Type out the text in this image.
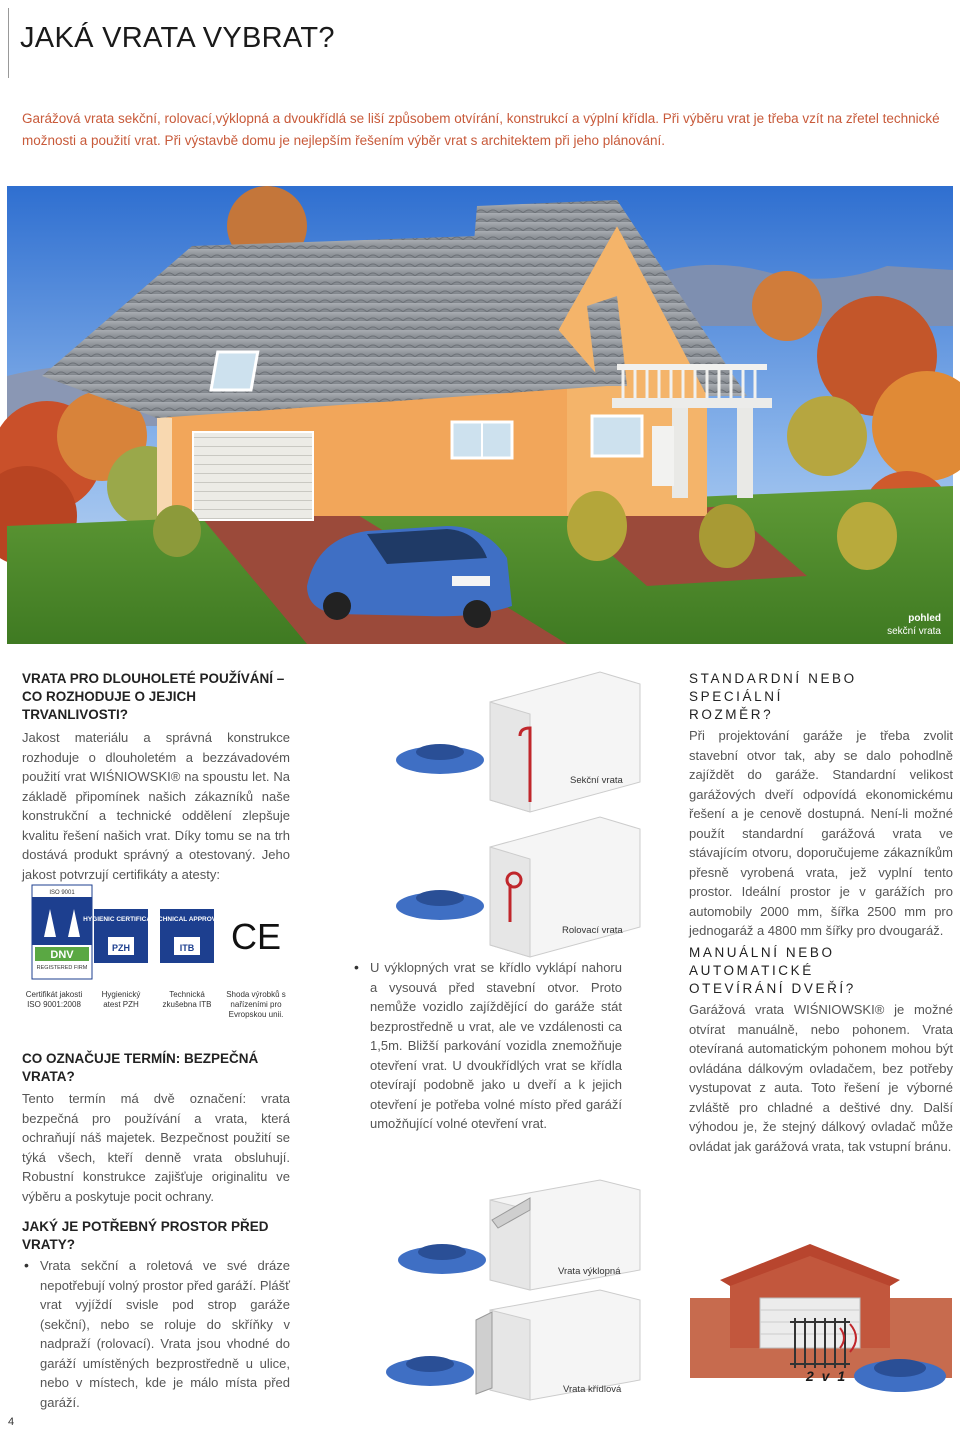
JAKÁ VRATA VYBRAT?

Garážová vrata sekční, rolovací,výklopná a dvoukřídlá se liší způsobem otvírání, konstrukcí a výplní křídla. Při výběru vrat je třeba vzít na zřetel technické možnosti a použití vrat. Při výstavbě domu je nejlepším řešením výběr vrat s architektem při jeho plánování.

pohled
sekční vrata
VRATA PRO DLOUHOLETÉ POUŽÍVÁNÍ – CO ROZHODUJE O JEJICH TRVANLIVOSTI?

Jakost materiálu a správná konstrukce rozhoduje o dlouholetém a bezzávadovém použití vrat WIŚNIOWSKI® na spoustu let. Na základě připomínek našich zákazníků naše konstrukční a technické oddělení zlepšuje kvalitu řešení našich vrat. Díky tomu se na trh dostává produkt správný a otestovaný. Jeho jakost potvrzují certifikáty a atesty:

DNV
ISO 9001
REGISTERED FIRM
HYGIENIC CERTIFICATE
PZH
TECHNICAL APPROVAL
ITB CE
Certifikát jakosti ISO 9001:2008
Hygienický atest PZH
Technická zkušebna ITB
Shoda výrobků s nařízeními pro Evropskou unii.
CO OZNAČUJE TERMÍN: BEZPEČNÁ VRATA?

Tento termín má dvě označení: vrata bezpečná pro používání a vrata, která ochraňují náš majetek. Bezpečnost použití se týká všech, kteří denně vrata obsluhují. Robustní konstrukce zajišťuje originalitu ve výběru a poskytuje pocit ochrany.

JAKÝ JE POTŘEBNÝ PROSTOR PŘED VRATY?
• Vrata sekční a roletová ve své dráze nepotřebují volný prostor před garáží. Plášť vrat vyjíždí svisle pod strop garáže (sekční), nebo se roluje do skříňky v nadpraží (rolovací). Vrata jsou vhodné do garáží umístěných bezprostředně u ulice, nebo v místech, kde je málo místa před garáží.
Sekční vrata
Rolovací vrata
• U výklopných vrat se křídlo vyklápí nahoru a vysouvá před stavební otvor. Proto nemůže vozidlo zajíždějící do garáže stát bezprostředně u vrat, ale ve vzdálenosti ca 1,5m. Bližší parkování vozidla znemožňuje otevření vrat. U dvoukřídlých vrat se křídla otevírají podobně jako u dveří a k jejich otevření je potřeba volné místo před garáží umožňující volné otevření vrat.
Vrata výklopná
Vrata křídlová
STANDARDNÍ NEBO SPECIÁLNÍ
ROZMĚR?

Při projektování garáže je třeba zvolit stavební otvor tak, aby se dalo pohodlně zajíždět do garáže. Standardní velikost garážových dveří odpovídá ekonomickému řešení a je cenově dostupná. Není-li možné použít standardní garážová vrata ve stávajícím otvoru, doporučujeme zákazníkům přesně vyrobená vrata, jež vyplní tento prostor. Ideální prostor je v garážích pro automobily 2000 mm, šířka 2500 mm pro jednogaráž a 4800 mm šířky pro dvougaráž.

MANUÁLNÍ NEBO AUTOMATICKÉ
OTEVÍRÁNÍ DVEŘÍ?

Garážová vrata WIŚNIOWSKI® je možné otvírat manuálně, nebo pohonem. Vrata otevíraná automatickým pohonem mohou být ovládána dálkovým ovladačem, bez potřeby vystupovat z auta. Toto řešení je výborné zvláště pro chladné a deštivé dny. Další výhodou je, že stejný dálkový ovladač může ovládat jak garážová vrata, tak vstupní bránu.

2 v 1
4
